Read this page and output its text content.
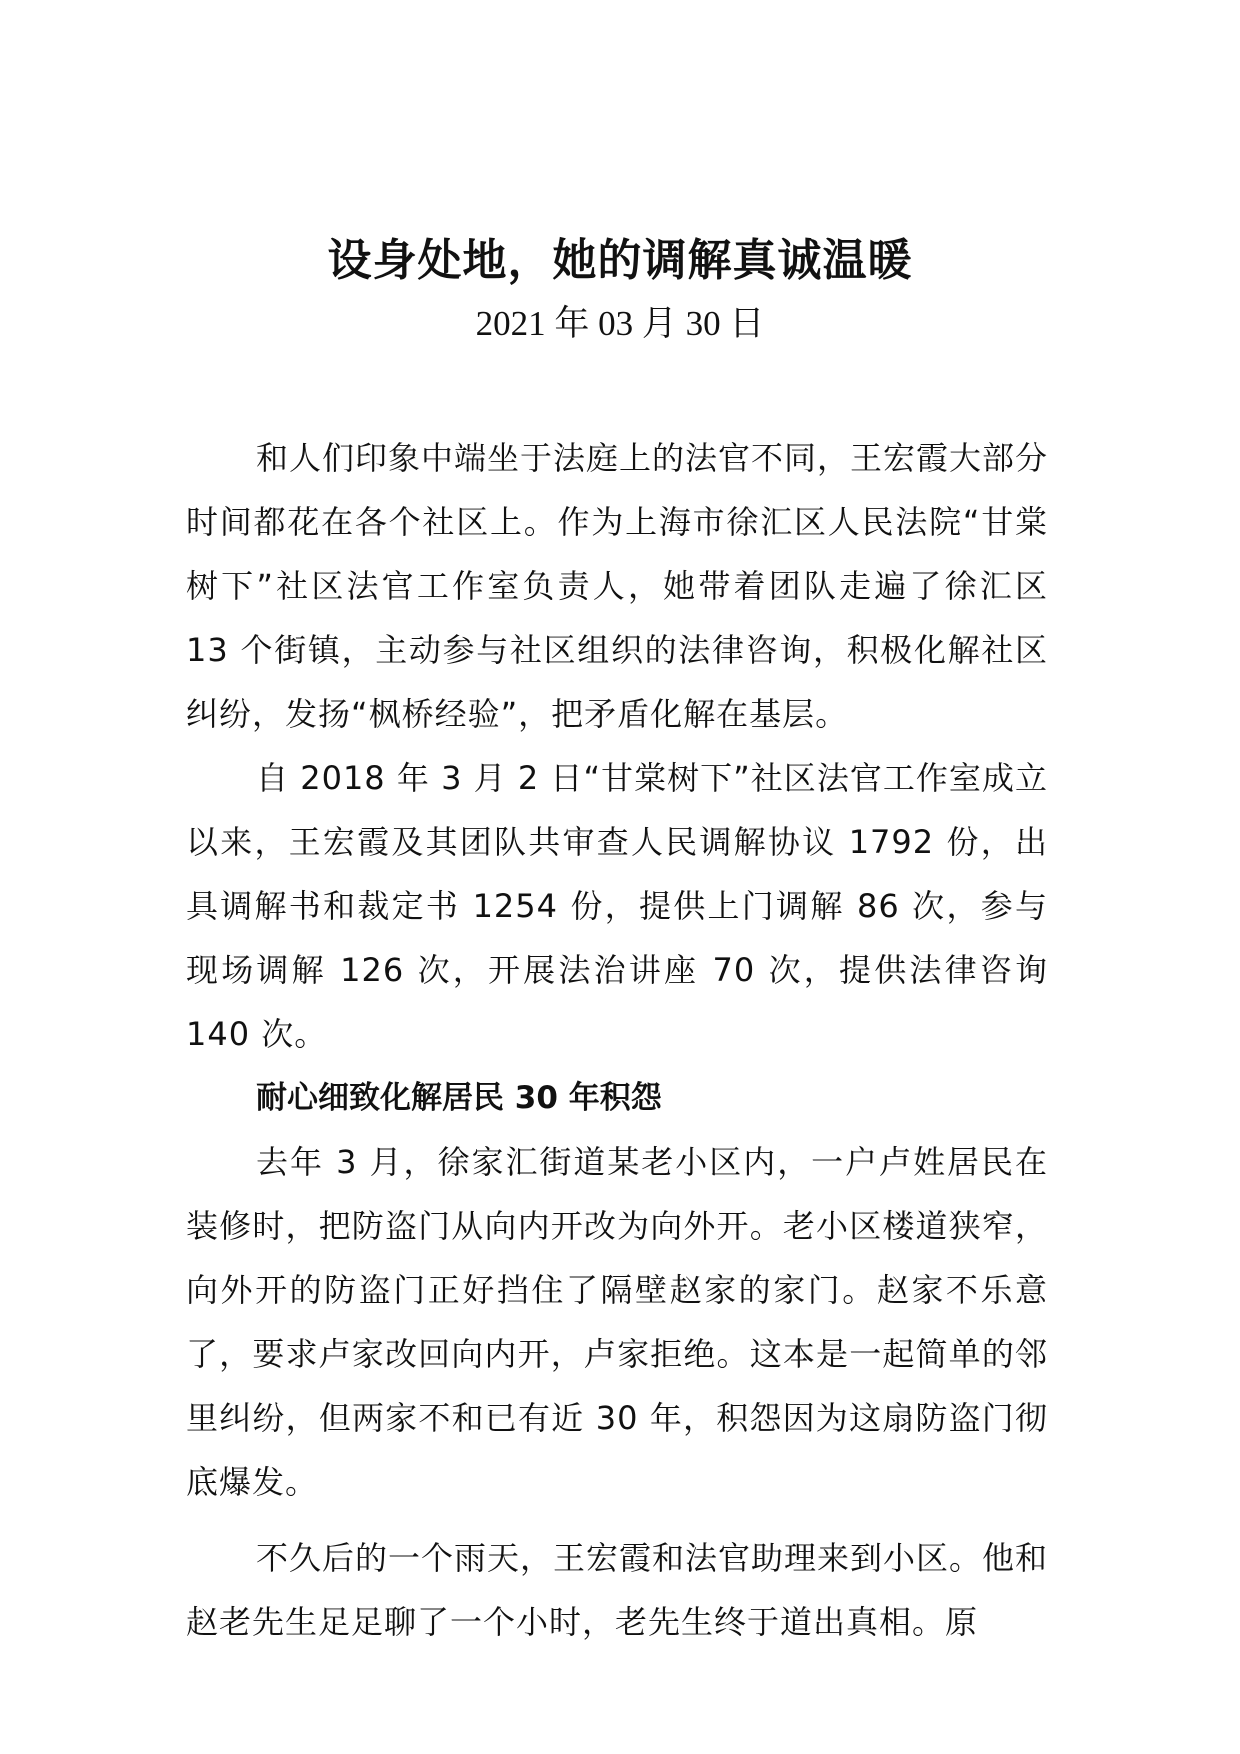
设身处地，她的调解真诚温暖
2021 年 03 月 30 日

和人们印象中端坐于法庭上的法官不同，王宏霞大部分时间都花在各个社区上。作为上海市徐汇区人民法院“甘棠树下”社区法官工作室负责人，她带着团队走遍了徐汇区 13 个街镇，主动参与社区组织的法律咨询，积极化解社区纠纷，发扬“枫桥经验”，把矛盾化解在基层。

自 2018 年 3 月 2 日“甘棠树下”社区法官工作室成立以来，王宏霞及其团队共审查人民调解协议 1792 份，出具调解书和裁定书 1254 份，提供上门调解 86 次，参与现场调解 126 次，开展法治讲座 70 次，提供法律咨询 140 次。

耐心细致化解居民 30 年积怨

去年 3 月，徐家汇街道某老小区内，一户卢姓居民在装修时，把防盗门从向内开改为向外开。老小区楼道狭窄，向外开的防盗门正好挡住了隔壁赵家的家门。赵家不乐意了，要求卢家改回向内开，卢家拒绝。这本是一起简单的邻里纠纷，但两家不和已有近 30 年，积怨因为这扇防盗门彻底爆发。

不久后的一个雨天，王宏霞和法官助理来到小区。他和赵老先生足足聊了一个小时，老先生终于道出真相。原
